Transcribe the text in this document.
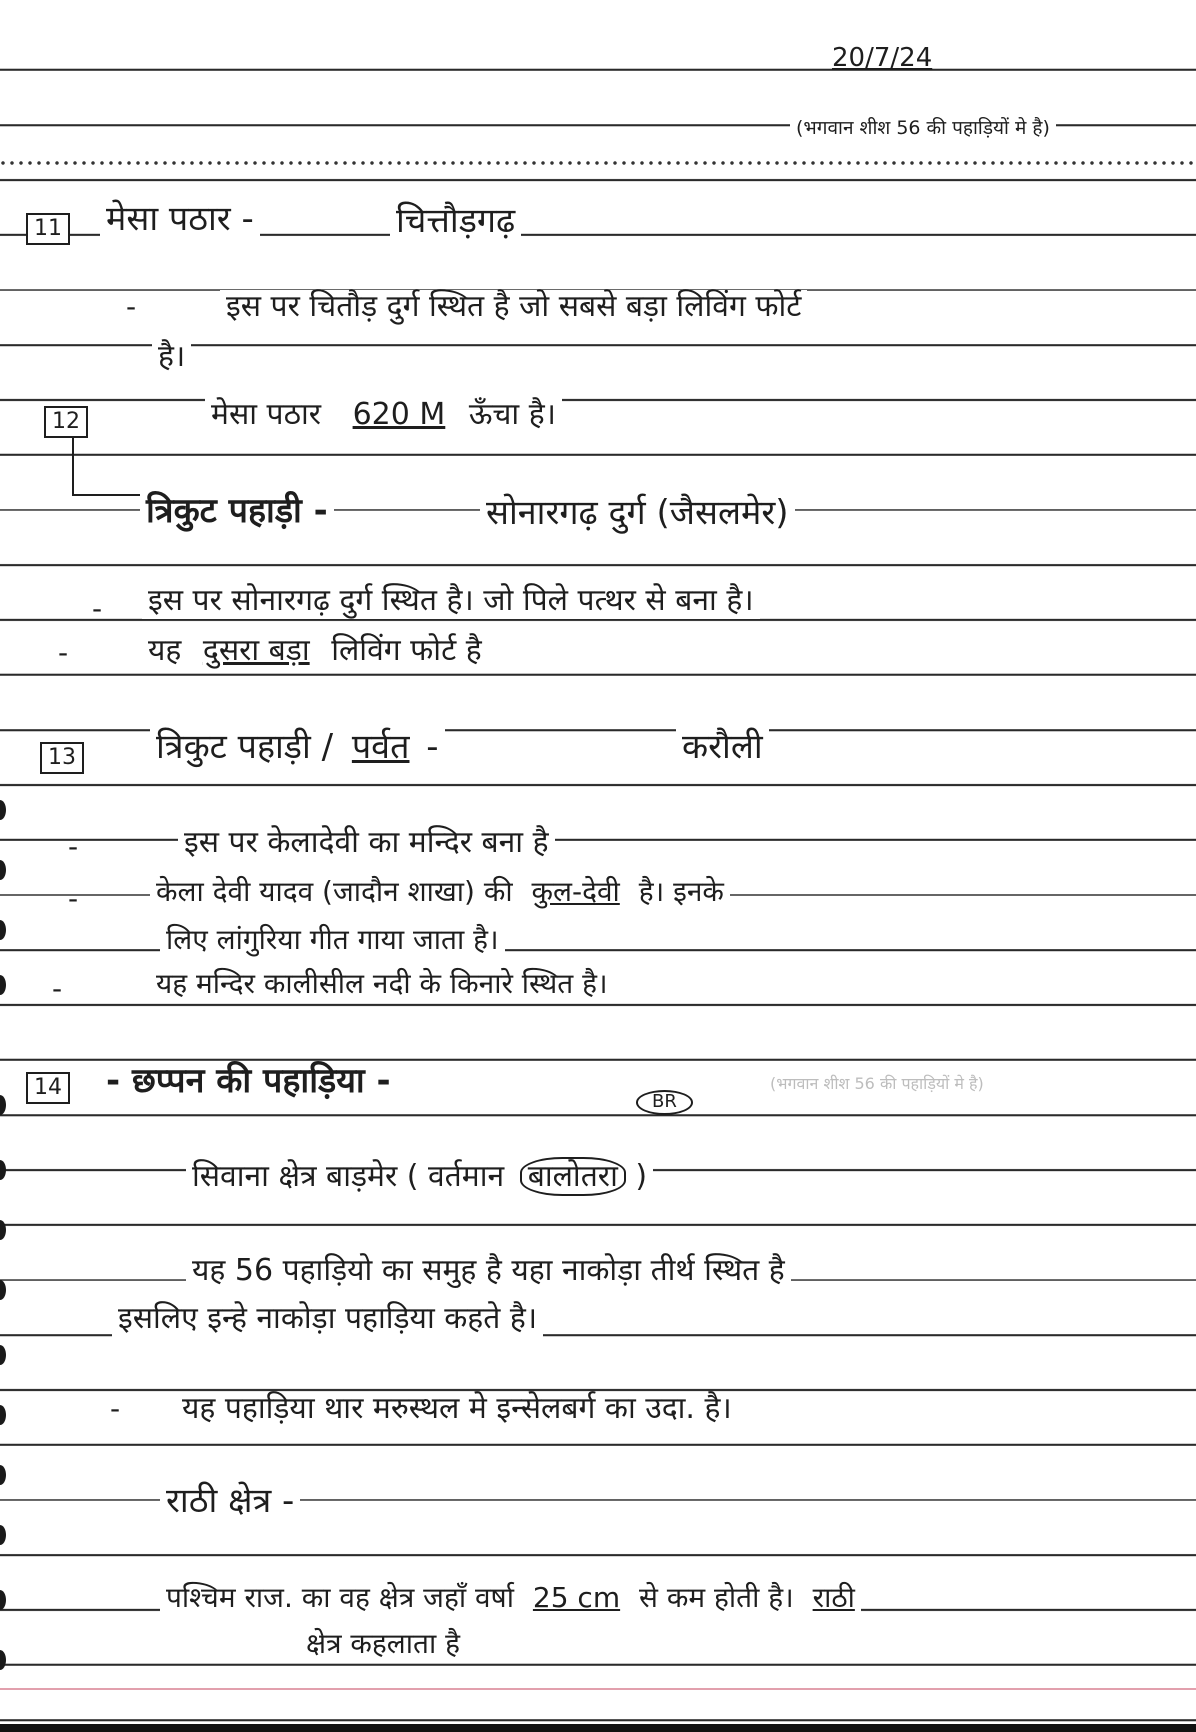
20/7/24
(भगवान शीश 56 की पहाड़ियों मे है)
11 मेसा पठार -	चित्तौड़गढ़
-	इस पर चितौड़ दुर्ग स्थित है जो सबसे बड़ा लिविंग फोर्ट
है।
12	मेसा पठार 620 M ऊँचा है।
त्रिकुट पहाड़ी -	सोनारगढ़ दुर्ग (जैसलमेर)
- इस पर सोनारगढ़ दुर्ग स्थित है। जो पिले पत्थर से बना है।
-	यह दुसरा बड़ा लिविंग फोर्ट है
13 त्रिकुट पहाड़ी / पर्वत -	करौली
-	इस पर केलादेवी का मन्दिर बना है
-	केला देवी यादव (जादौन शाखा) की कुल-देवी है। इनके
लिए लांगुरिया गीत गाया जाता है।
-	यह मन्दिर कालीसील नदी के किनारे स्थित है।
14 - छप्पन की पहाड़िया -
BR
(भगवान शीश 56 की पहाड़ियों मे है)
सिवाना क्षेत्र बाड़मेर ( वर्तमान बालोतरा )
यह 56 पहाड़ियो का समुह है यहा नाकोड़ा तीर्थ स्थित है
इसलिए इन्हे नाकोड़ा पहाड़िया कहते है।
- यह पहाड़िया थार मरुस्थल मे इन्सेलबर्ग का उदा. है।
राठी क्षेत्र -
पश्चिम राज. का वह क्षेत्र जहाँ वर्षा 25 cm से कम होती है। राठी
क्षेत्र कहलाता है
